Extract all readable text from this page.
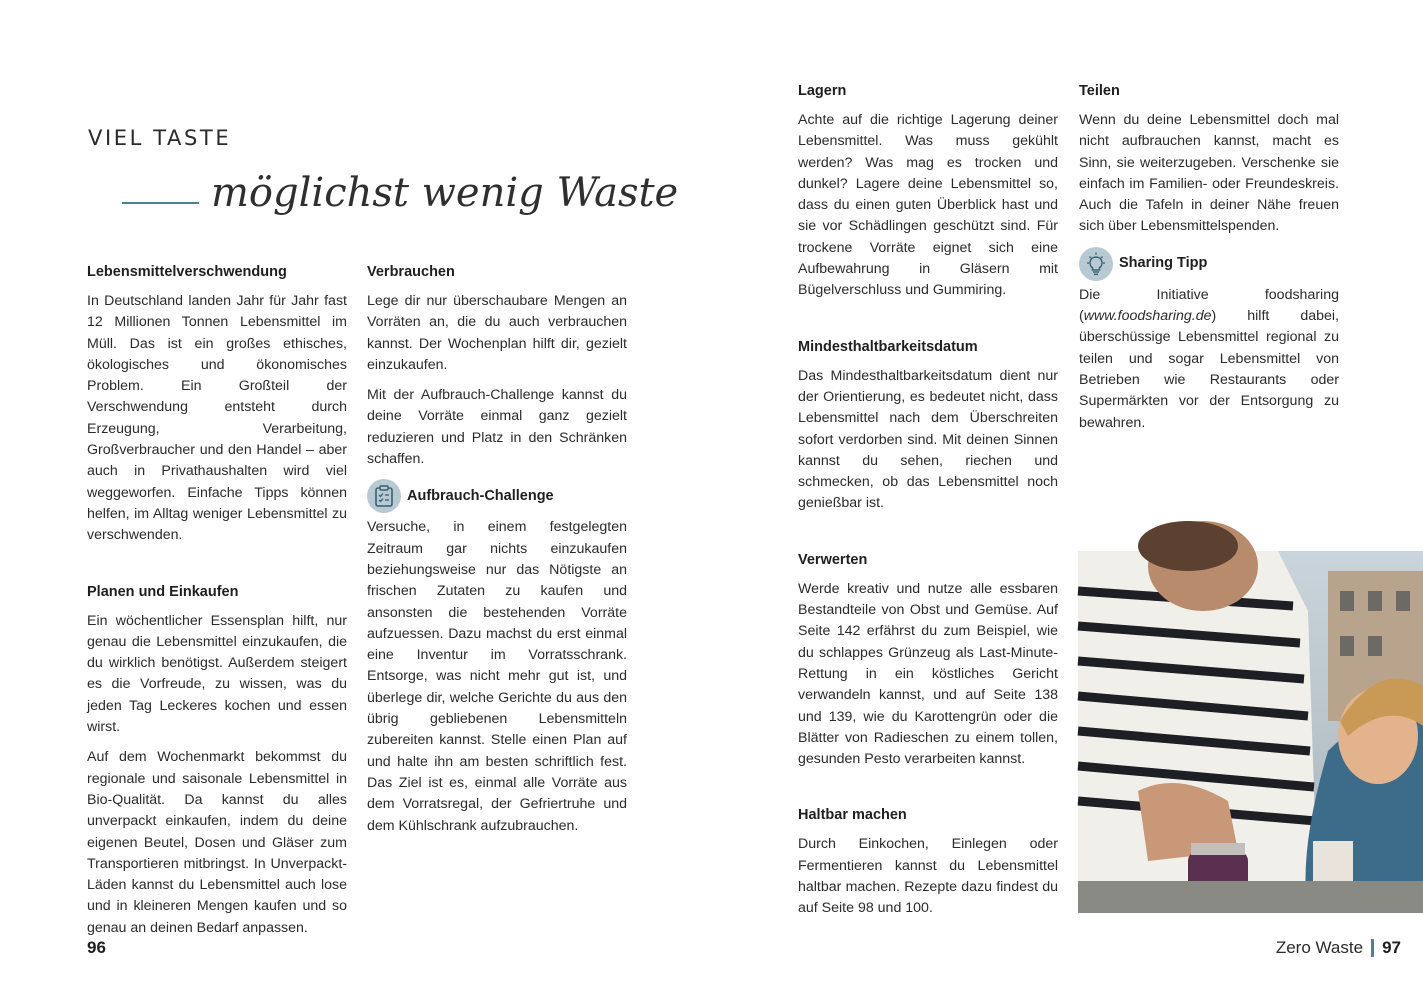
VIEL TASTE
möglichst wenig Waste
Lebensmittelverschwendung

In Deutschland landen Jahr für Jahr fast 12 Millionen Tonnen Lebensmittel im Müll. Das ist ein großes ethisches, ökologisches und ökonomisches Problem. Ein Großteil der Verschwendung entsteht durch Erzeugung, Verarbeitung, Großverbraucher und den Handel – aber auch in Privathaushalten wird viel weggeworfen. Einfache Tipps können helfen, im Alltag weniger Lebensmittel zu verschwenden.

Planen und Einkaufen

Ein wöchentlicher Essensplan hilft, nur genau die Lebensmittel einzukaufen, die du wirklich benötigst. Außerdem steigert es die Vorfreude, zu wissen, was du jeden Tag Leckeres kochen und essen wirst.

Auf dem Wochenmarkt bekommst du regionale und saisonale Lebensmittel in Bio-Qualität. Da kannst du alles unverpackt einkaufen, indem du deine eigenen Beutel, Dosen und Gläser zum Transportieren mitbringst. In Unverpackt-Läden kannst du Lebensmittel auch lose und in kleineren Mengen kaufen und so genau an deinen Bedarf anpassen.

Verbrauchen

Lege dir nur überschaubare Mengen an Vorräten an, die du auch verbrauchen kannst. Der Wochenplan hilft dir, gezielt einzukaufen.

Mit der Aufbrauch-Challenge kannst du deine Vorräte einmal ganz gezielt reduzieren und Platz in den Schränken schaffen.

Aufbrauch-Challenge

Versuche, in einem festgelegten Zeitraum gar nichts einzukaufen beziehungsweise nur das Nötigste an frischen Zutaten zu kaufen und ansonsten die bestehenden Vorräte aufzuessen. Dazu machst du erst einmal eine Inventur im Vorratsschrank. Entsorge, was nicht mehr gut ist, und überlege dir, welche Gerichte du aus den übrig gebliebenen Lebensmitteln zubereiten kannst. Stelle einen Plan auf und halte ihn am besten schriftlich fest. Das Ziel ist es, einmal alle Vorräte aus dem Vorratsregal, der Gefriertruhe und dem Kühlschrank aufzubrauchen.

Lagern

Achte auf die richtige Lagerung deiner Lebensmittel. Was muss gekühlt werden? Was mag es trocken und dunkel? Lagere deine Lebensmittel so, dass du einen guten Überblick hast und sie vor Schädlingen geschützt sind. Für trockene Vorräte eignet sich eine Aufbewahrung in Gläsern mit Bügelverschluss und Gummiring.

Mindesthaltbarkeitsdatum

Das Mindesthaltbarkeitsdatum dient nur der Orientierung, es bedeutet nicht, dass Lebensmittel nach dem Überschreiten sofort verdorben sind. Mit deinen Sinnen kannst du sehen, riechen und schmecken, ob das Lebensmittel noch genießbar ist.

Verwerten

Werde kreativ und nutze alle essbaren Bestandteile von Obst und Gemüse. Auf Seite 142 erfährst du zum Beispiel, wie du schlappes Grünzeug als Last-Minute-Rettung in ein köstliches Gericht verwandeln kannst, und auf Seite 138 und 139, wie du Karottengrün oder die Blätter von Radieschen zu einem tollen, gesunden Pesto verarbeiten kannst.

Haltbar machen

Durch Einkochen, Einlegen oder Fermentieren kannst du Lebensmittel haltbar machen. Rezepte dazu findest du auf Seite 98 und 100.

Teilen

Wenn du deine Lebensmittel doch mal nicht aufbrauchen kannst, macht es Sinn, sie weiterzugeben. Verschenke sie einfach im Familien- oder Freundeskreis. Auch die Tafeln in deiner Nähe freuen sich über Lebensmittelspenden.

Sharing Tipp

Die Initiative foodsharing (www.foodsharing.de) hilft dabei, überschüssige Lebensmittel regional zu teilen und sogar Lebensmittel von Betrieben wie Restaurants oder Supermärkten vor der Entsorgung zu bewahren.

96	Zero Waste 97
